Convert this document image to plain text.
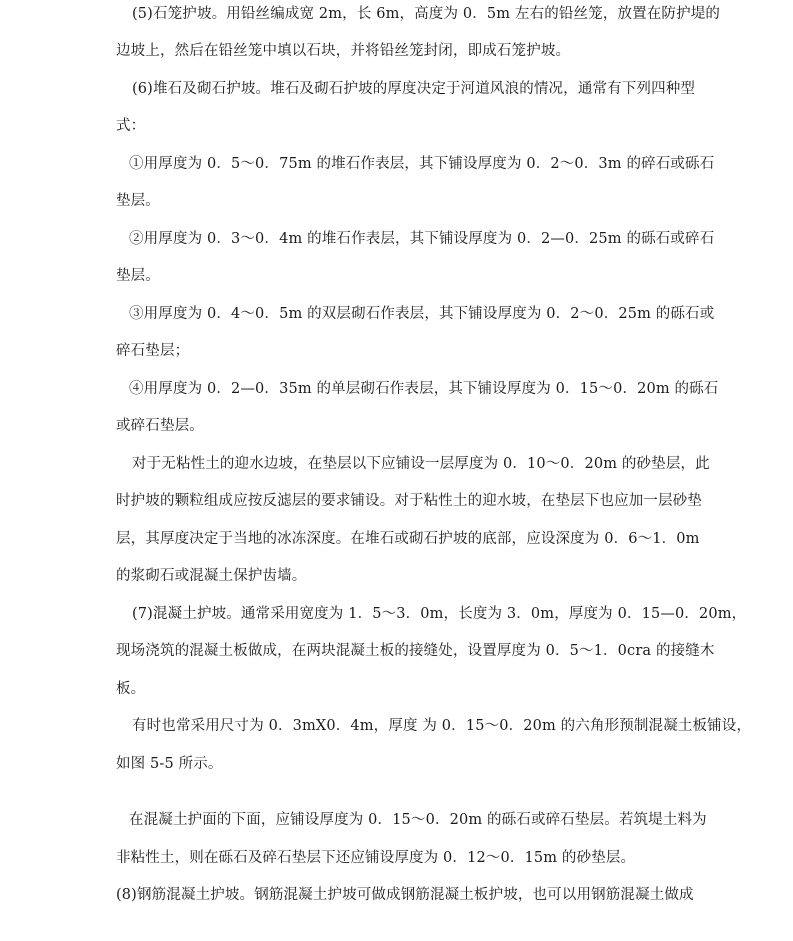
(5)石笼护坡。用铅丝编成宽 2m，长 6m，高度为 0．5m 左右的铅丝笼，放置在防护堤的
边坡上，然后在铅丝笼中填以石块，并将铅丝笼封闭，即成石笼护坡。
(6)堆石及砌石护坡。堆石及砌石护坡的厚度决定于河道风浪的情况，通常有下列四种型
式：
①用厚度为 0．5～0．75m 的堆石作表层，其下铺设厚度为 0．2～0．3m 的碎石或砾石
垫层。
②用厚度为 0．3～0．4m 的堆石作表层，其下铺设厚度为 0．2—0．25m 的砾石或碎石
垫层。
③用厚度为 0．4～0．5m 的双层砌石作表层，其下铺设厚度为 0．2～0．25m 的砾石或
碎石垫层；
④用厚度为 0．2—0．35m 的单层砌石作表层，其下铺设厚度为 0．15～0．20m 的砾石
或碎石垫层。
对于无粘性土的迎水边坡，在垫层以下应铺设一层厚度为 0．10～0．20m 的砂垫层，此
时护坡的颗粒组成应按反滤层的要求铺设。对于粘性土的迎水坡，在垫层下也应加一层砂垫
层，其厚度决定于当地的冰冻深度。在堆石或砌石护坡的底部，应设深度为 0．6～1．0m
的浆砌石或混凝土保护齿墙。
(7)混凝土护坡。通常采用宽度为 1．5～3．0m，长度为 3．0m，厚度为 0．15—0．20m，
现场浇筑的混凝土板做成，在两块混凝土板的接缝处，设置厚度为 0．5～1．0cra 的接缝木
板。
有时也常采用尺寸为 0．3mX0．4m，厚度 为 0．15～0．20m 的六角形预制混凝土板铺设，
如图 5-5 所示。
在混凝土护面的下面，应铺设厚度为 0．15～0．20m 的砾石或碎石垫层。若筑堤土料为
非粘性土，则在砾石及碎石垫层下还应铺设厚度为 0．12～0．15m 的砂垫层。
(8)钢筋混凝土护坡。钢筋混凝土护坡可做成钢筋混凝土板护坡，也可以用钢筋混凝土做成
